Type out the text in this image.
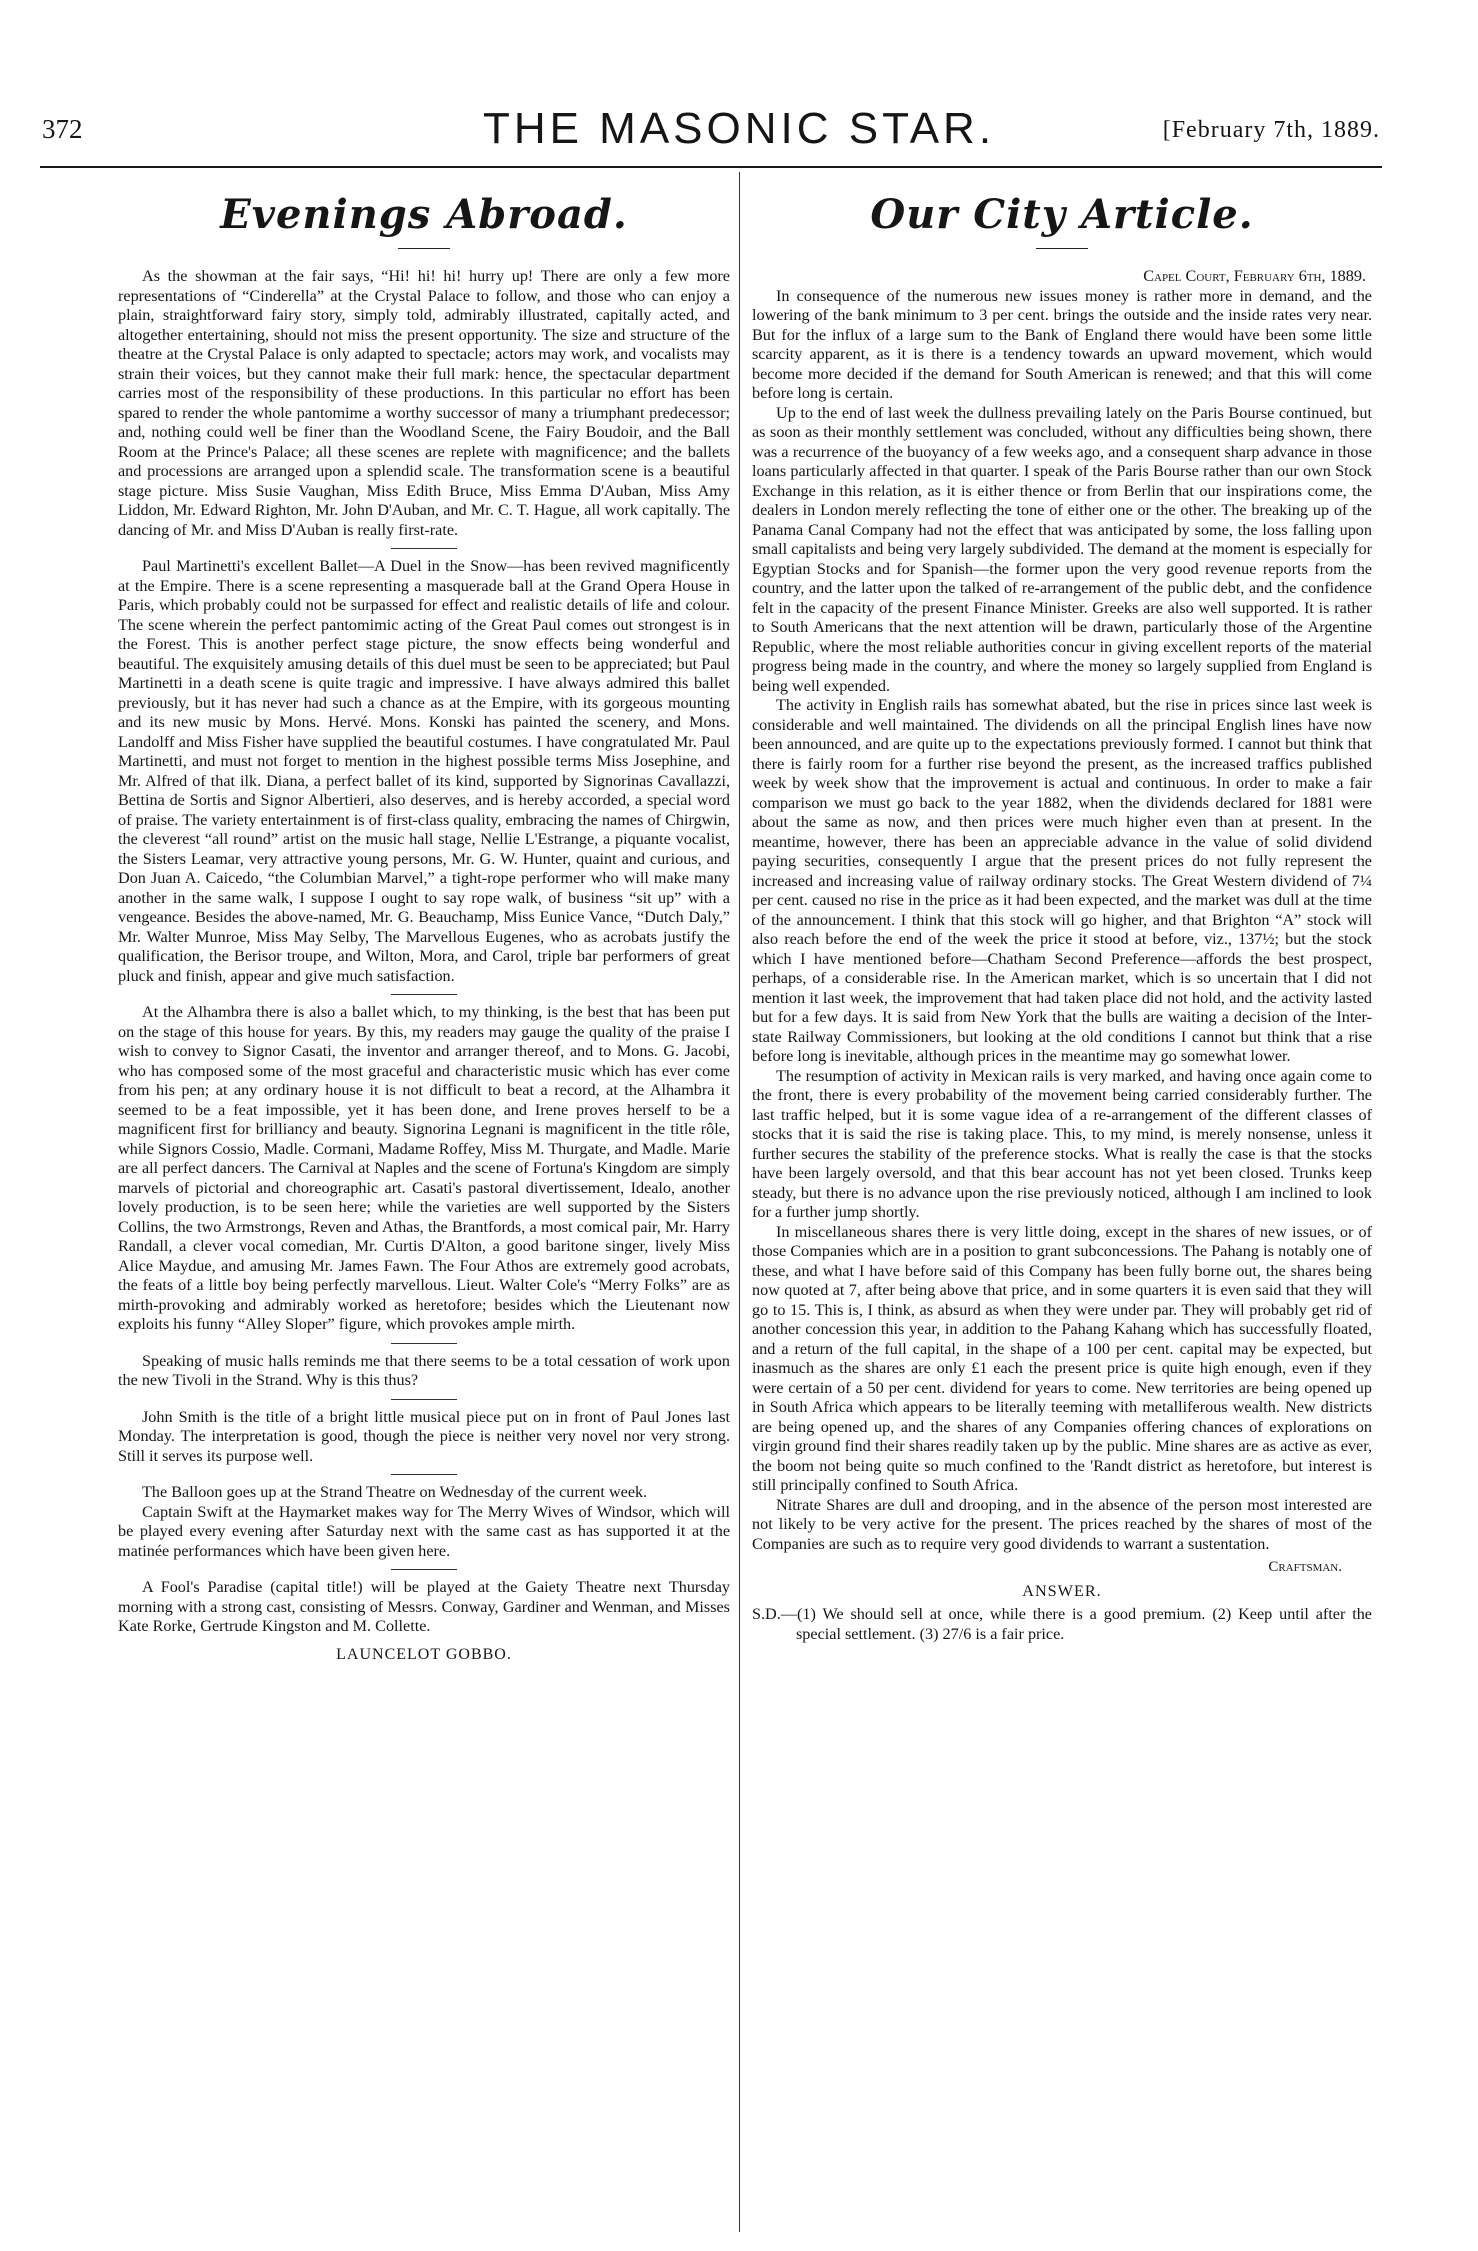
372	THE MASONIC STAR.	[February 7th, 1889.
Evenings Abroad.

As the showman at the fair says, “Hi! hi! hi! hurry up! There are only a few more representations of “Cinderella” at the Crystal Palace to follow, and those who can enjoy a plain, straightforward fairy story, simply told, admirably illustrated, capitally acted, and altogether entertaining, should not miss the present opportunity. The size and structure of the theatre at the Crystal Palace is only adapted to spectacle; actors may work, and vocalists may strain their voices, but they cannot make their full mark: hence, the spectacular department carries most of the responsibility of these productions. In this particular no effort has been spared to render the whole pantomime a worthy successor of many a triumphant predecessor; and, nothing could well be finer than the Woodland Scene, the Fairy Boudoir, and the Ball Room at the Prince's Palace; all these scenes are replete with magnificence; and the ballets and processions are arranged upon a splendid scale. The transformation scene is a beautiful stage picture. Miss Susie Vaughan, Miss Edith Bruce, Miss Emma D'Auban, Miss Amy Liddon, Mr. Edward Righton, Mr. John D'Auban, and Mr. C. T. Hague, all work capitally. The dancing of Mr. and Miss D'Auban is really first-rate.

Paul Martinetti's excellent Ballet—A Duel in the Snow—has been revived magnificently at the Empire. There is a scene representing a masquerade ball at the Grand Opera House in Paris, which probably could not be surpassed for effect and realistic details of life and colour. The scene wherein the perfect pantomimic acting of the Great Paul comes out strongest is in the Forest. This is another perfect stage picture, the snow effects being wonderful and beautiful. The exquisitely amusing details of this duel must be seen to be appreciated; but Paul Martinetti in a death scene is quite tragic and impressive. I have always admired this ballet previously, but it has never had such a chance as at the Empire, with its gorgeous mounting and its new music by Mons. Hervé. Mons. Konski has painted the scenery, and Mons. Landolff and Miss Fisher have supplied the beautiful costumes. I have congratulated Mr. Paul Martinetti, and must not forget to mention in the highest possible terms Miss Josephine, and Mr. Alfred of that ilk. Diana, a perfect ballet of its kind, supported by Signorinas Cavallazzi, Bettina de Sortis and Signor Albertieri, also deserves, and is hereby accorded, a special word of praise. The variety entertainment is of first-class quality, embracing the names of Chirgwin, the cleverest “all round” artist on the music hall stage, Nellie L'Estrange, a piquante vocalist, the Sisters Leamar, very attractive young persons, Mr. G. W. Hunter, quaint and curious, and Don Juan A. Caicedo, “the Columbian Marvel,” a tight-rope performer who will make many another in the same walk, I suppose I ought to say rope walk, of business “sit up” with a vengeance. Besides the above-named, Mr. G. Beauchamp, Miss Eunice Vance, “Dutch Daly,” Mr. Walter Munroe, Miss May Selby, The Marvellous Eugenes, who as acrobats justify the qualification, the Berisor troupe, and Wilton, Mora, and Carol, triple bar performers of great pluck and finish, appear and give much satisfaction.

At the Alhambra there is also a ballet which, to my thinking, is the best that has been put on the stage of this house for years. By this, my readers may gauge the quality of the praise I wish to convey to Signor Casati, the inventor and arranger thereof, and to Mons. G. Jacobi, who has composed some of the most graceful and characteristic music which has ever come from his pen; at any ordinary house it is not difficult to beat a record, at the Alhambra it seemed to be a feat impossible, yet it has been done, and Irene proves herself to be a magnificent first for brilliancy and beauty. Signorina Legnani is magnificent in the title rôle, while Signors Cossio, Madle. Cormani, Madame Roffey, Miss M. Thurgate, and Madle. Marie are all perfect dancers. The Carnival at Naples and the scene of Fortuna's Kingdom are simply marvels of pictorial and choreographic art. Casati's pastoral divertissement, Idealo, another lovely production, is to be seen here; while the varieties are well supported by the Sisters Collins, the two Armstrongs, Reven and Athas, the Brantfords, a most comical pair, Mr. Harry Randall, a clever vocal comedian, Mr. Curtis D'Alton, a good baritone singer, lively Miss Alice Maydue, and amusing Mr. James Fawn. The Four Athos are extremely good acrobats, the feats of a little boy being perfectly marvellous. Lieut. Walter Cole's “Merry Folks” are as mirth-provoking and admirably worked as heretofore; besides which the Lieutenant now exploits his funny “Alley Sloper” figure, which provokes ample mirth.

Speaking of music halls reminds me that there seems to be a total cessation of work upon the new Tivoli in the Strand. Why is this thus?

John Smith is the title of a bright little musical piece put on in front of Paul Jones last Monday. The interpretation is good, though the piece is neither very novel nor very strong. Still it serves its purpose well.

The Balloon goes up at the Strand Theatre on Wednesday of the current week.

Captain Swift at the Haymarket makes way for The Merry Wives of Windsor, which will be played every evening after Saturday next with the same cast as has supported it at the matinée performances which have been given here.

A Fool's Paradise (capital title!) will be played at the Gaiety Theatre next Thursday morning with a strong cast, consisting of Messrs. Conway, Gardiner and Wenman, and Misses Kate Rorke, Gertrude Kingston and M. Collette.

LAUNCELOT GOBBO.
Our City Article.
Capel Court, February 6th, 1889.

In consequence of the numerous new issues money is rather more in demand, and the lowering of the bank minimum to 3 per cent. brings the outside and the inside rates very near. But for the influx of a large sum to the Bank of England there would have been some little scarcity apparent, as it is there is a tendency towards an upward movement, which would become more decided if the demand for South American is renewed; and that this will come before long is certain.

Up to the end of last week the dullness prevailing lately on the Paris Bourse continued, but as soon as their monthly settlement was concluded, without any difficulties being shown, there was a recurrence of the buoyancy of a few weeks ago, and a consequent sharp advance in those loans particularly affected in that quarter. I speak of the Paris Bourse rather than our own Stock Exchange in this relation, as it is either thence or from Berlin that our inspirations come, the dealers in London merely reflecting the tone of either one or the other. The breaking up of the Panama Canal Company had not the effect that was anticipated by some, the loss falling upon small capitalists and being very largely subdivided. The demand at the moment is especially for Egyptian Stocks and for Spanish—the former upon the very good revenue reports from the country, and the latter upon the talked of re-arrangement of the public debt, and the confidence felt in the capacity of the present Finance Minister. Greeks are also well supported. It is rather to South Americans that the next attention will be drawn, particularly those of the Argentine Republic, where the most reliable authorities concur in giving excellent reports of the material progress being made in the country, and where the money so largely supplied from England is being well expended.

The activity in English rails has somewhat abated, but the rise in prices since last week is considerable and well maintained. The dividends on all the principal English lines have now been announced, and are quite up to the expectations previously formed. I cannot but think that there is fairly room for a further rise beyond the present, as the increased traffics published week by week show that the improvement is actual and continuous. In order to make a fair comparison we must go back to the year 1882, when the dividends declared for 1881 were about the same as now, and then prices were much higher even than at present. In the meantime, however, there has been an appreciable advance in the value of solid dividend paying securities, consequently I argue that the present prices do not fully represent the increased and increasing value of railway ordinary stocks. The Great Western dividend of 7¼ per cent. caused no rise in the price as it had been expected, and the market was dull at the time of the announcement. I think that this stock will go higher, and that Brighton “A” stock will also reach before the end of the week the price it stood at before, viz., 137½; but the stock which I have mentioned before—Chatham Second Preference—affords the best prospect, perhaps, of a considerable rise. In the American market, which is so uncertain that I did not mention it last week, the improvement that had taken place did not hold, and the activity lasted but for a few days. It is said from New York that the bulls are waiting a decision of the Inter-state Railway Commissioners, but looking at the old conditions I cannot but think that a rise before long is inevitable, although prices in the meantime may go somewhat lower.

The resumption of activity in Mexican rails is very marked, and having once again come to the front, there is every probability of the movement being carried considerably further. The last traffic helped, but it is some vague idea of a re-arrangement of the different classes of stocks that it is said the rise is taking place. This, to my mind, is merely nonsense, unless it further secures the stability of the preference stocks. What is really the case is that the stocks have been largely oversold, and that this bear account has not yet been closed. Trunks keep steady, but there is no advance upon the rise previously noticed, although I am inclined to look for a further jump shortly.

In miscellaneous shares there is very little doing, except in the shares of new issues, or of those Companies which are in a position to grant subconcessions. The Pahang is notably one of these, and what I have before said of this Company has been fully borne out, the shares being now quoted at 7, after being above that price, and in some quarters it is even said that they will go to 15. This is, I think, as absurd as when they were under par. They will probably get rid of another concession this year, in addition to the Pahang Kahang which has successfully floated, and a return of the full capital, in the shape of a 100 per cent. capital may be expected, but inasmuch as the shares are only £1 each the present price is quite high enough, even if they were certain of a 50 per cent. dividend for years to come. New territories are being opened up in South Africa which appears to be literally teeming with metalliferous wealth. New districts are being opened up, and the shares of any Companies offering chances of explorations on virgin ground find their shares readily taken up by the public. Mine shares are as active as ever, the boom not being quite so much confined to the 'Randt district as heretofore, but interest is still principally confined to South Africa.

Nitrate Shares are dull and drooping, and in the absence of the person most interested are not likely to be very active for the present. The prices reached by the shares of most of the Companies are such as to require very good dividends to warrant a sustentation.

Craftsman.
ANSWER.

S.D.—(1) We should sell at once, while there is a good premium. (2) Keep until after the special settlement. (3) 27/6 is a fair price.
